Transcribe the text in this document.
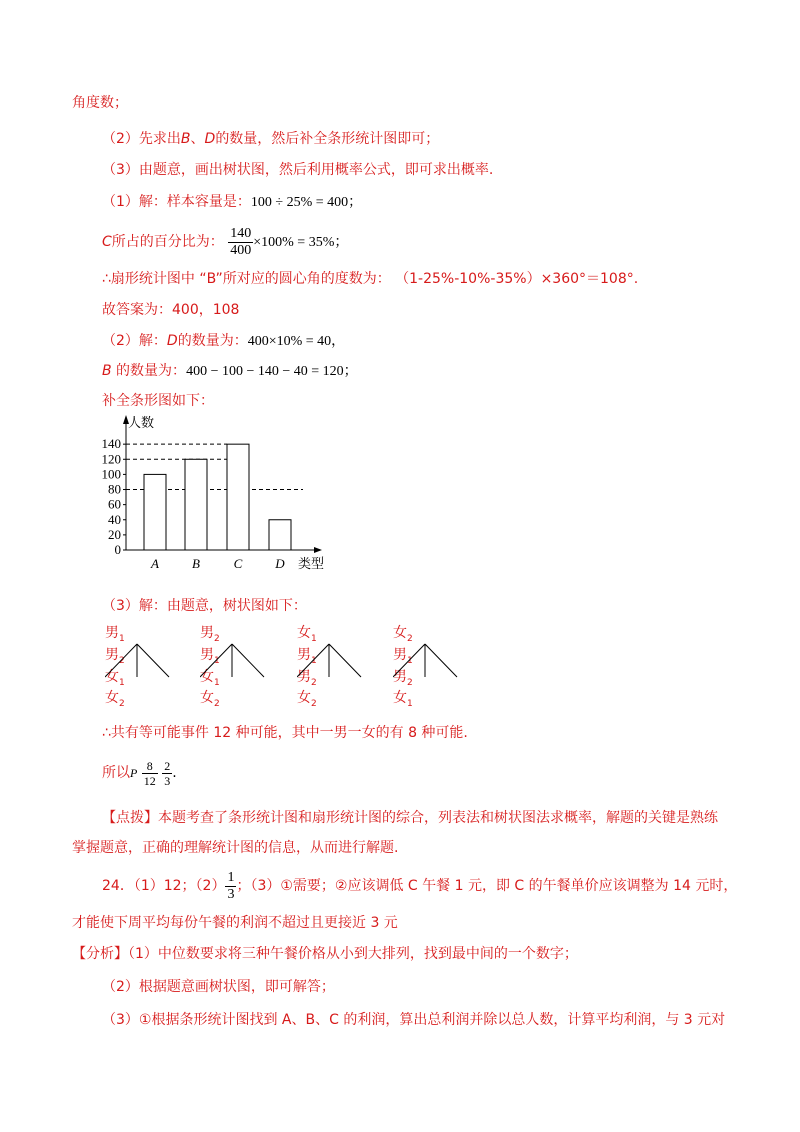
角度数；
（2）先求出B、D的数量，然后补全条形统计图即可；
（3）由题意，画出树状图，然后利用概率公式，即可求出概率.
（1）解：样本容量是：100 ÷ 25% = 400；
C所占的百分比为： $\frac{140}{400} \times 100\% = 35\%$；
∴扇形统计图中 “B”所对应的圆心角的度数为： （1-25%-10%-35%）×360°＝108°.
故答案为：400，108
（2）解：D的数量为：400×10% = 40，
B 的数量为：400 − 100 − 140 − 40 = 120；
补全条形图如下：
0
20
40
60
80
100
120
140
A	B	C	D
人数
类型
（3）解：由题意，树状图如下：
男$_1$
男$_2$
女$_1$
女$_2$
男$_2$
男$_1$
女$_1$
女$_2$
女$_1$
男$_1$
男$_2$
女$_2$
女$_2$
男$_1$
男$_2$
女$_1$
∴共有等可能事件 12 种可能，其中一男一女的有 8 种可能.
所以P $\frac{8}{12}$
$\frac{2}{3}$ .
【点拨】本题考查了条形统计图和扇形统计图的综合，列表法和树状图法求概率，解题的关键是熟练
掌握题意，正确的理解统计图的信息，从而进行解题.
24．（1）12；$(2) \frac{1}{3}$ ；（3）①需要；②应该调低 C 午餐 1 元，即 C 的午餐单价应该调整为 14 元时，
才能使下周平均每份午餐的利润不超过且更接近 3 元
【分析】（1）中位数要求将三种午餐价格从小到大排列，找到最中间的一个数字；
（2）根据题意画树状图，即可解答；
（3）①根据条形统计图找到 A、B、C 的利润，算出总利润并除以总人数，计算平均利润，与 3 元对
